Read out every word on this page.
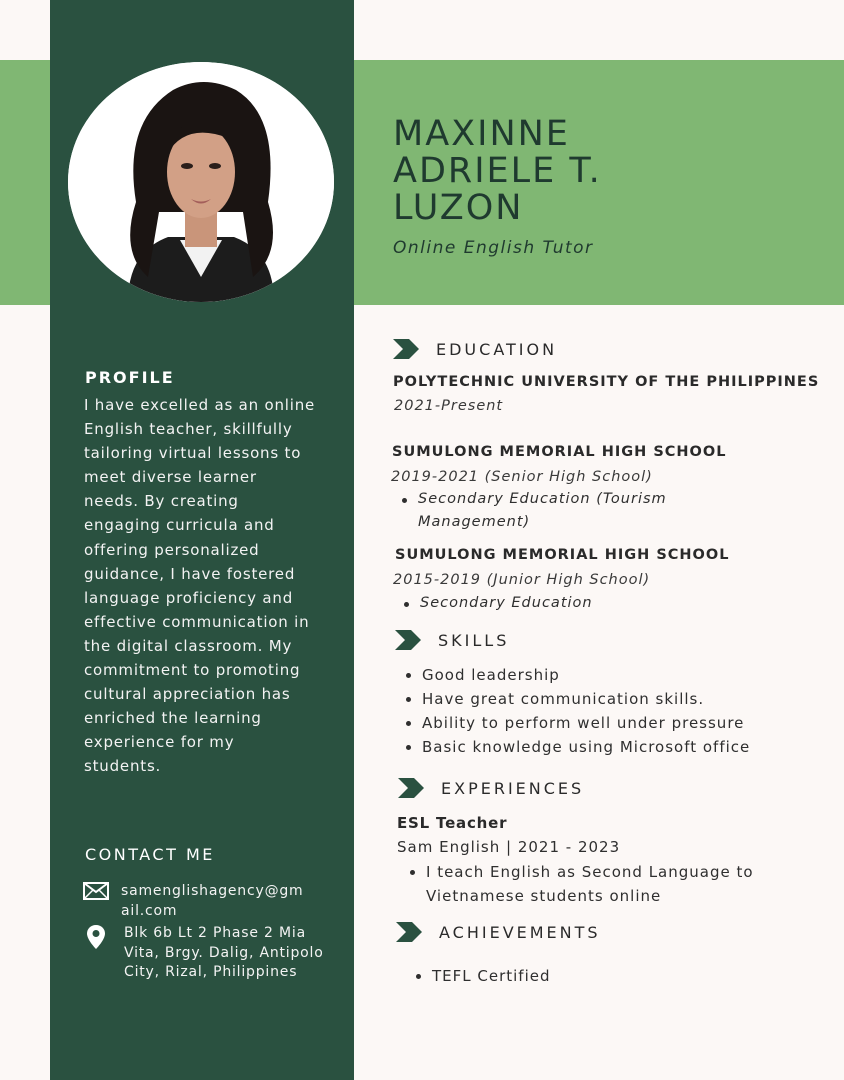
MAXINNE
ADRIELE T.
LUZON
Online English Tutor
PROFILE

I have excelled as an online English teacher, skillfully tailoring virtual lessons to meet diverse learner needs. By creating engaging curricula and offering personalized guidance, I have fostered language proficiency and effective communication in the digital classroom. My commitment to promoting cultural appreciation has enriched the learning experience for my students.

CONTACT ME

samenglishagency@gmail.com

Blk 6b Lt 2 Phase 2 Mia Vita, Brgy. Dalig, Antipolo City, Rizal, Philippines

EDUCATION
POLYTECHNIC UNIVERSITY OF THE PHILIPPINES
2021-Present
SUMULONG MEMORIAL HIGH SCHOOL
2019-2021 (Senior High School)
Secondary Education (Tourism Management)
SUMULONG MEMORIAL HIGH SCHOOL
2015-2019 (Junior High School)
Secondary Education
SKILLS
Good leadership
Have great communication skills.
Ability to perform well under pressure
Basic knowledge using Microsoft office
EXPERIENCES
ESL Teacher
Sam English | 2021 - 2023
I teach English as Second Language to Vietnamese students online
ACHIEVEMENTS
TEFL Certified
